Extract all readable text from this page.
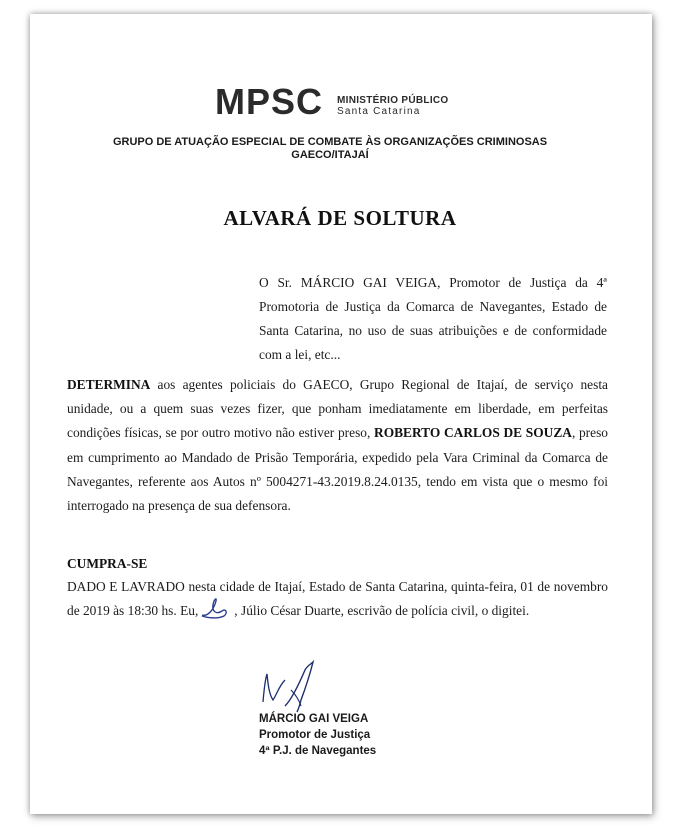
MPSC MINISTÉRIO PÚBLICO
Santa Catarina
GRUPO DE ATUAÇÃO ESPECIAL DE COMBATE ÀS ORGANIZAÇÕES CRIMINOSAS
GAECO/ITAJAÍ
ALVARÁ DE SOLTURA
O Sr. MÁRCIO GAI VEIGA, Promotor de Justiça da 4ª Promotoria de Justiça da Comarca de Navegantes, Estado de Santa Catarina, no uso de suas atribuições e de conformidade com a lei, etc...
DETERMINA aos agentes policiais do GAECO, Grupo Regional de Itajaí, de serviço nesta unidade, ou a quem suas vezes fizer, que ponham imediatamente em liberdade, em perfeitas condições físicas, se por outro motivo não estiver preso, ROBERTO CARLOS DE SOUZA, preso em cumprimento ao Mandado de Prisão Temporária, expedido pela Vara Criminal da Comarca de Navegantes, referente aos Autos nº 5004271-43.2019.8.24.0135, tendo em vista que o mesmo foi interrogado na presença de sua defensora.
CUMPRA-SE
DADO E LAVRADO nesta cidade de Itajaí, Estado de Santa Catarina, quinta-feira, 01 de novembro de 2019 às 18:30 hs. Eu,	, Júlio César Duarte, escrivão de polícia civil, o digitei.
MÁRCIO GAI VEIGA
Promotor de Justiça
4ª P.J. de Navegantes
